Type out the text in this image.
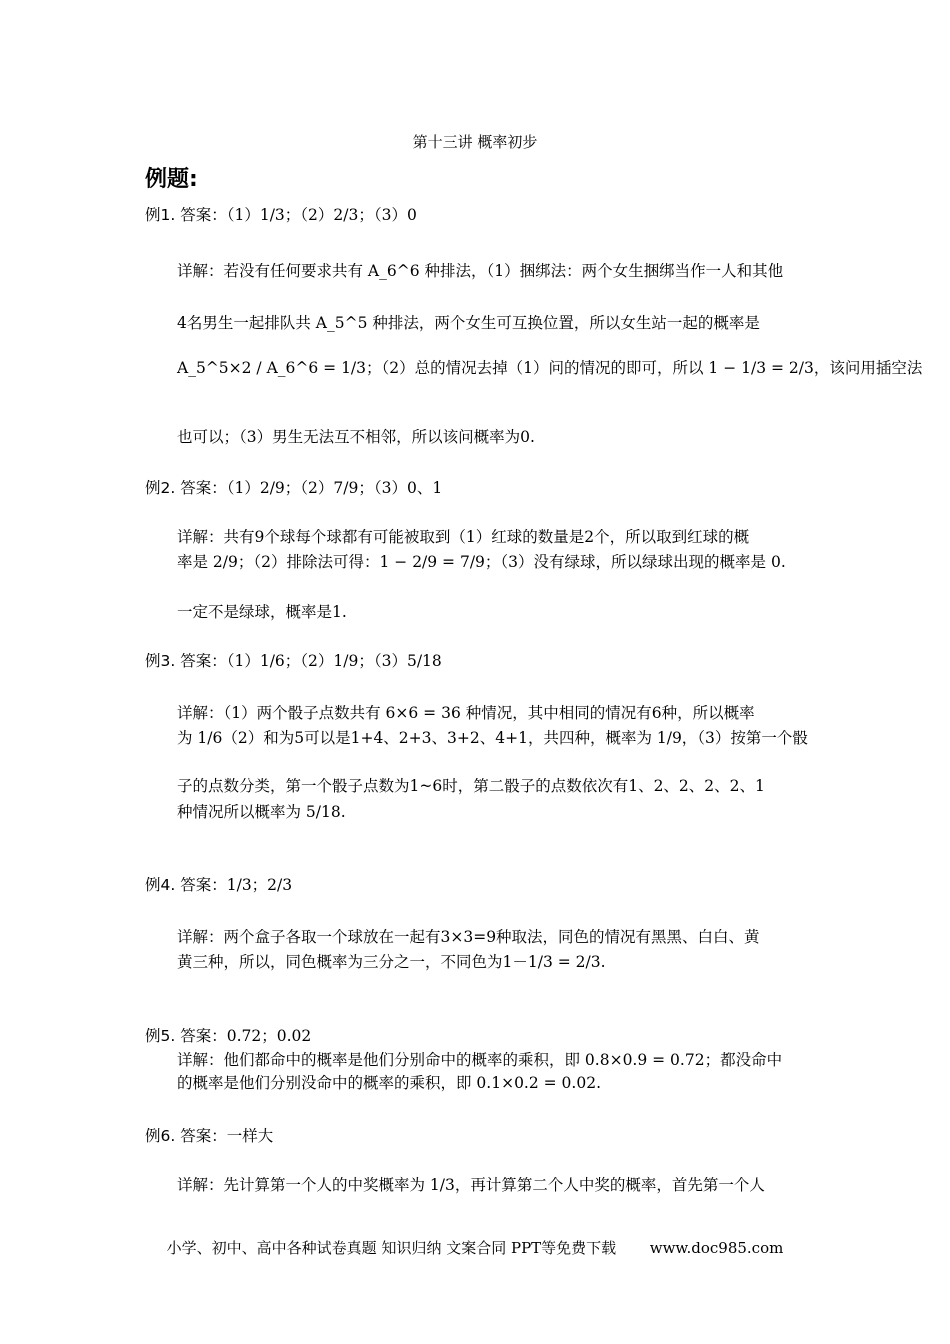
第十三讲 概率初步
例题:
例1. 答案：（1）1/3；（2）2/3；（3）0
详解：若没有任何要求共有 A_6^6 种排法，（1）捆绑法：两个女生捆绑当作一人和其他
4名男生一起排队共 A_5^5 种排法，两个女生可互换位置，所以女生站一起的概率是
A_5^5×2 / A_6^6 = 1/3；（2）总的情况去掉（1）问的情况的即可，所以 1 − 1/3 = 2/3，该问用插空法
也可以；（3）男生无法互不相邻，所以该问概率为0.
例2. 答案：（1）2/9；（2）7/9；（3）0、1
详解：共有9个球每个球都有可能被取到（1）红球的数量是2个，所以取到红球的概
率是 2/9；（2）排除法可得：1 − 2/9 = 7/9；（3）没有绿球，所以绿球出现的概率是 0.
一定不是绿球，概率是1.
例3. 答案：（1）1/6；（2）1/9；（3）5/18
详解：（1）两个骰子点数共有 6×6 = 36 种情况，其中相同的情况有6种，所以概率
为 1/6（2）和为5可以是1+4、2+3、3+2、4+1，共四种，概率为 1/9，（3）按第一个骰
子的点数分类，第一个骰子点数为1~6时，第二骰子的点数依次有1、2、2、2、2、1
种情况所以概率为 5/18.
例4. 答案：1/3；2/3
详解：两个盒子各取一个球放在一起有3×3=9种取法，同色的情况有黑黑、白白、黄
黄三种，所以，同色概率为三分之一，不同色为1－1/3 = 2/3.
例5. 答案：0.72；0.02
详解：他们都命中的概率是他们分别命中的概率的乘积，即 0.8×0.9 = 0.72；都没命中
的概率是他们分别没命中的概率的乘积，即 0.1×0.2 = 0.02.
例6. 答案：一样大
详解：先计算第一个人的中奖概率为 1/3，再计算第二个人中奖的概率，首先第一个人
小学、初中、高中各种试卷真题 知识归纳 文案合同 PPT等免费下载 www.doc985.com
